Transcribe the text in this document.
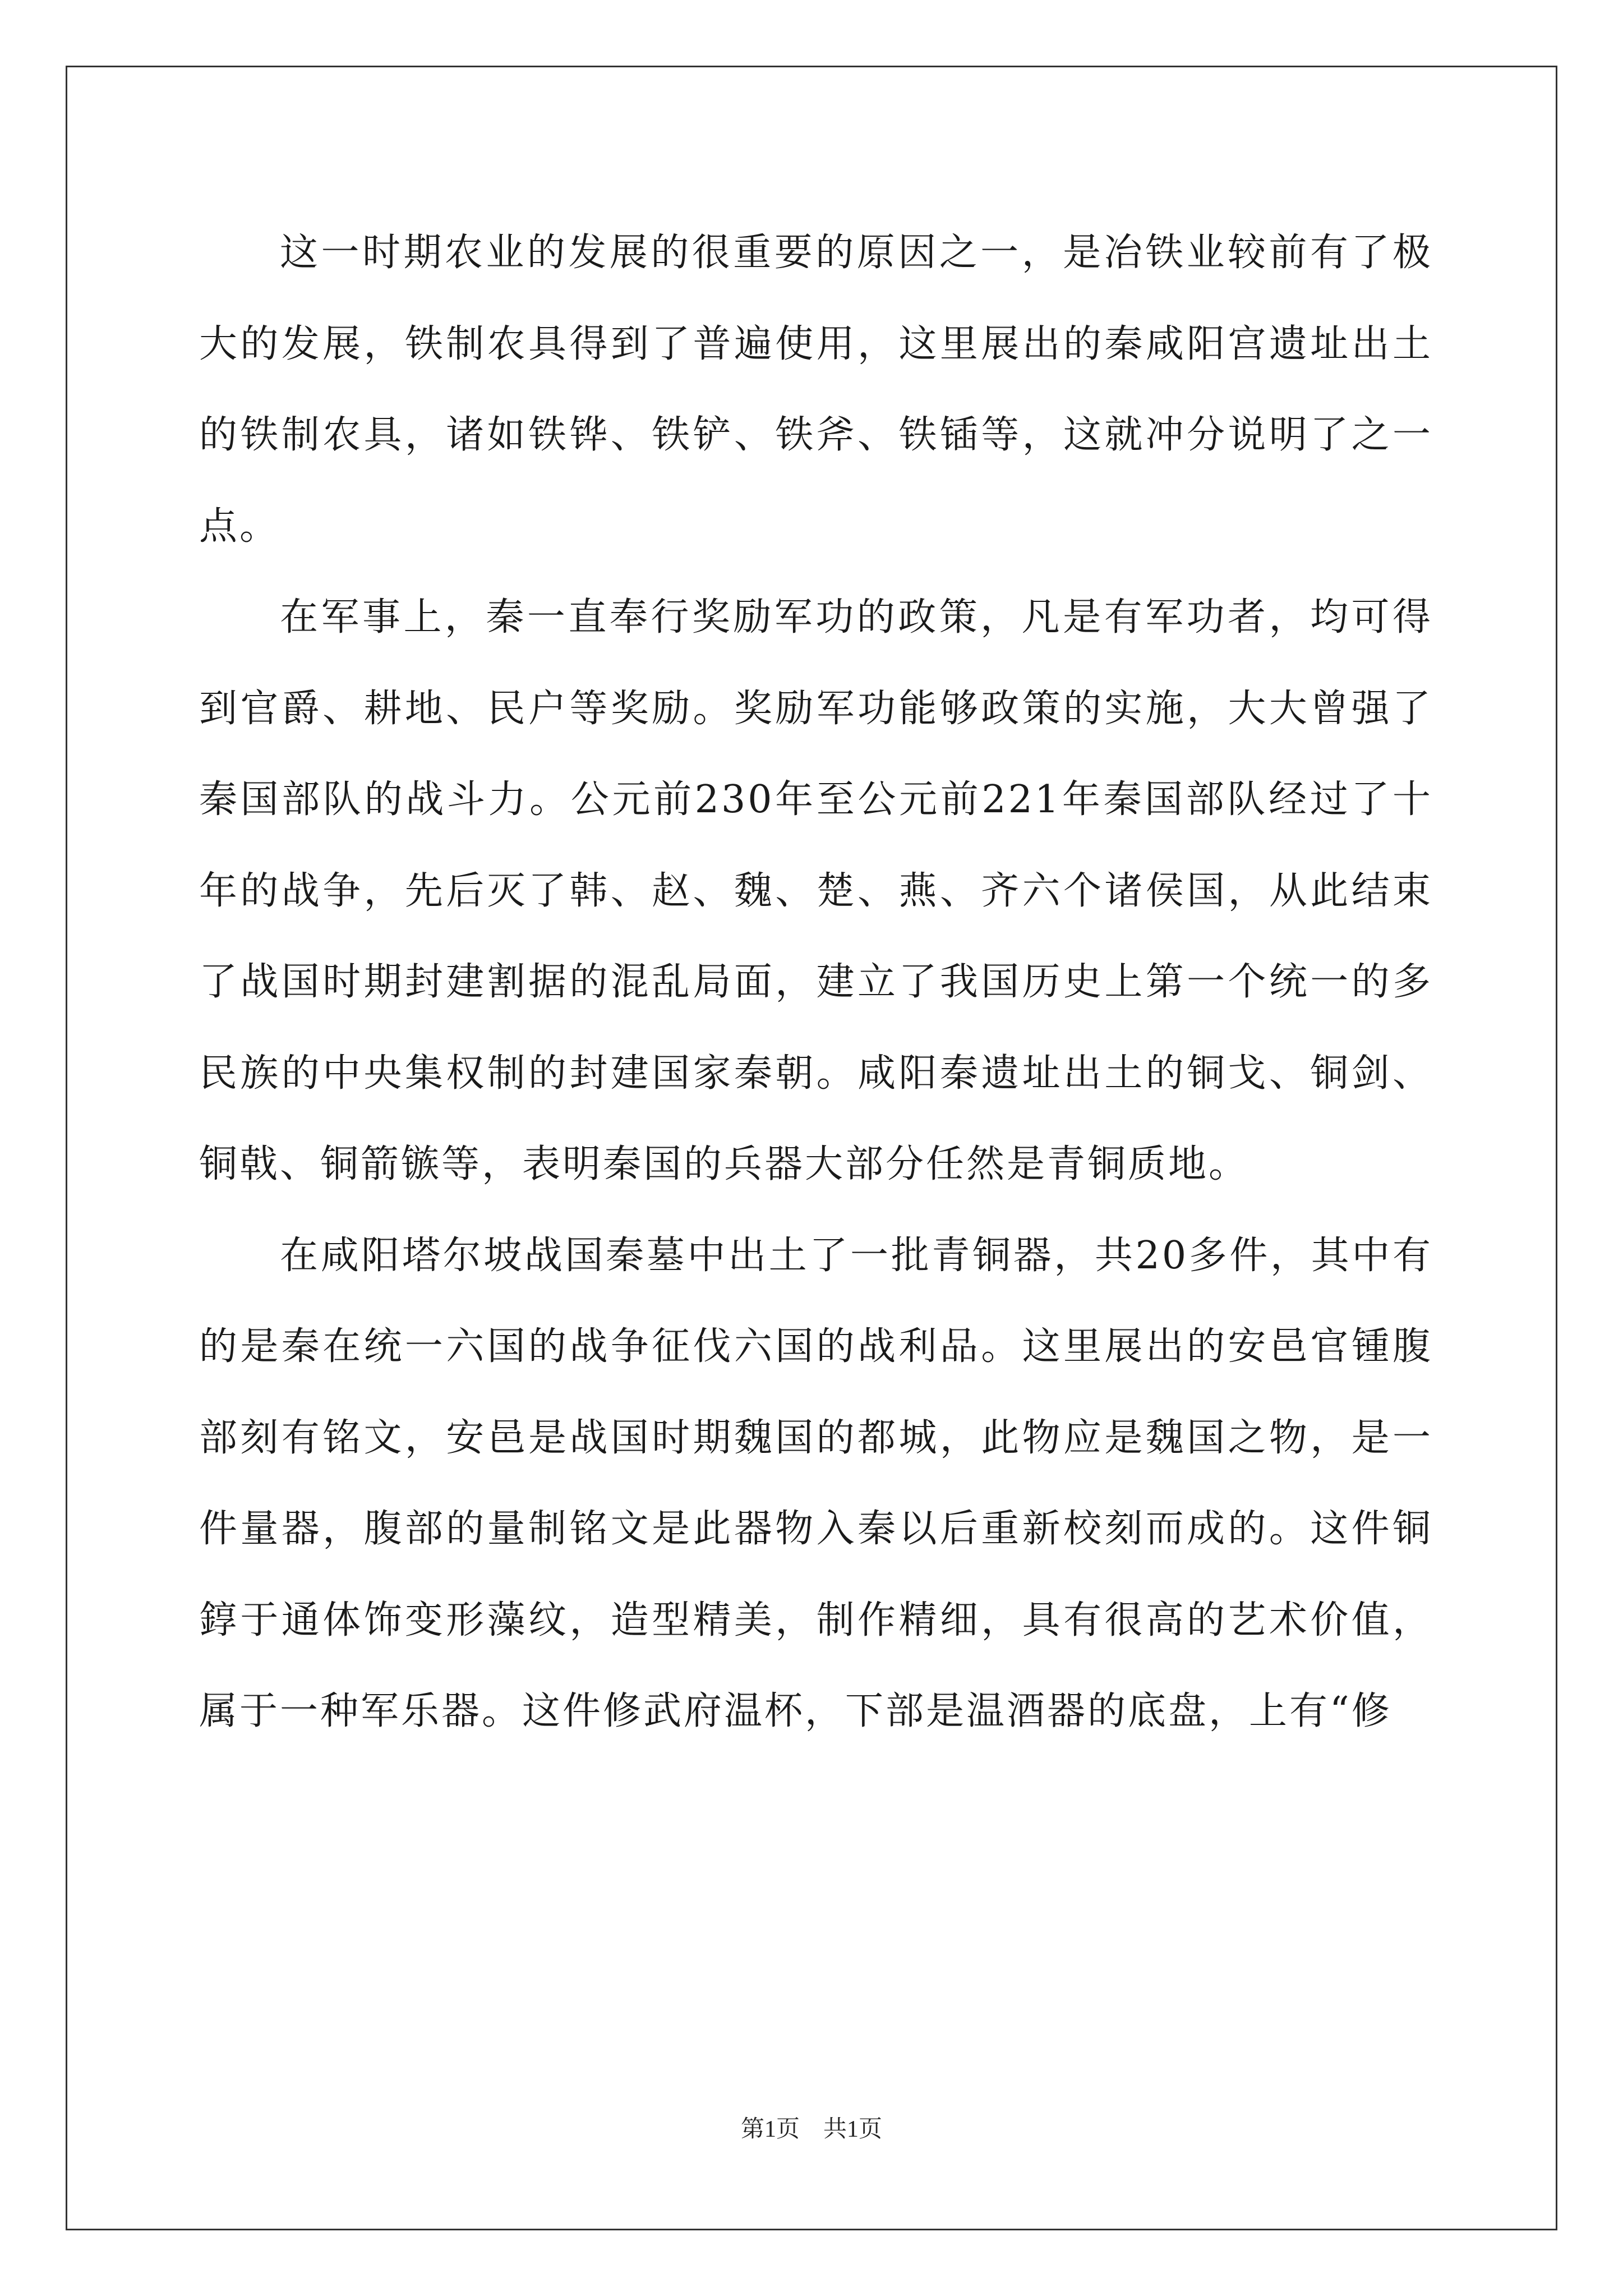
这一时期农业的发展的很重要的原因之一，是冶铁业较前有了极大的发展，铁制农具得到了普遍使用，这里展出的秦咸阳宫遗址出土的铁制农具，诸如铁铧、铁铲、铁斧、铁锸等，这就冲分说明了之一点。

在军事上，秦一直奉行奖励军功的政策，凡是有军功者，均可得到官爵、耕地、民户等奖励。奖励军功能够政策的实施，大大曾强了秦国部队的战斗力。公元前230年至公元前221年秦国部队经过了十年的战争，先后灭了韩、赵、魏、楚、燕、齐六个诸侯国，从此结束了战国时期封建割据的混乱局面，建立了我国历史上第一个统一的多民族的中央集权制的封建国家秦朝。咸阳秦遗址出土的铜戈、铜剑、铜戟、铜箭镞等，表明秦国的兵器大部分任然是青铜质地。

在咸阳塔尔坡战国秦墓中出土了一批青铜器，共20多件，其中有的是秦在统一六国的战争征伐六国的战利品。这里展出的安邑官锺腹部刻有铭文，安邑是战国时期魏国的都城，此物应是魏国之物，是一件量器，腹部的量制铭文是此器物入秦以后重新校刻而成的。这件铜錞于通体饰变形藻纹，造型精美，制作精细，具有很高的艺术价值，属于一种军乐器。这件修武府温杯，下部是温酒器的底盘，上有“修

第1页　共1页
